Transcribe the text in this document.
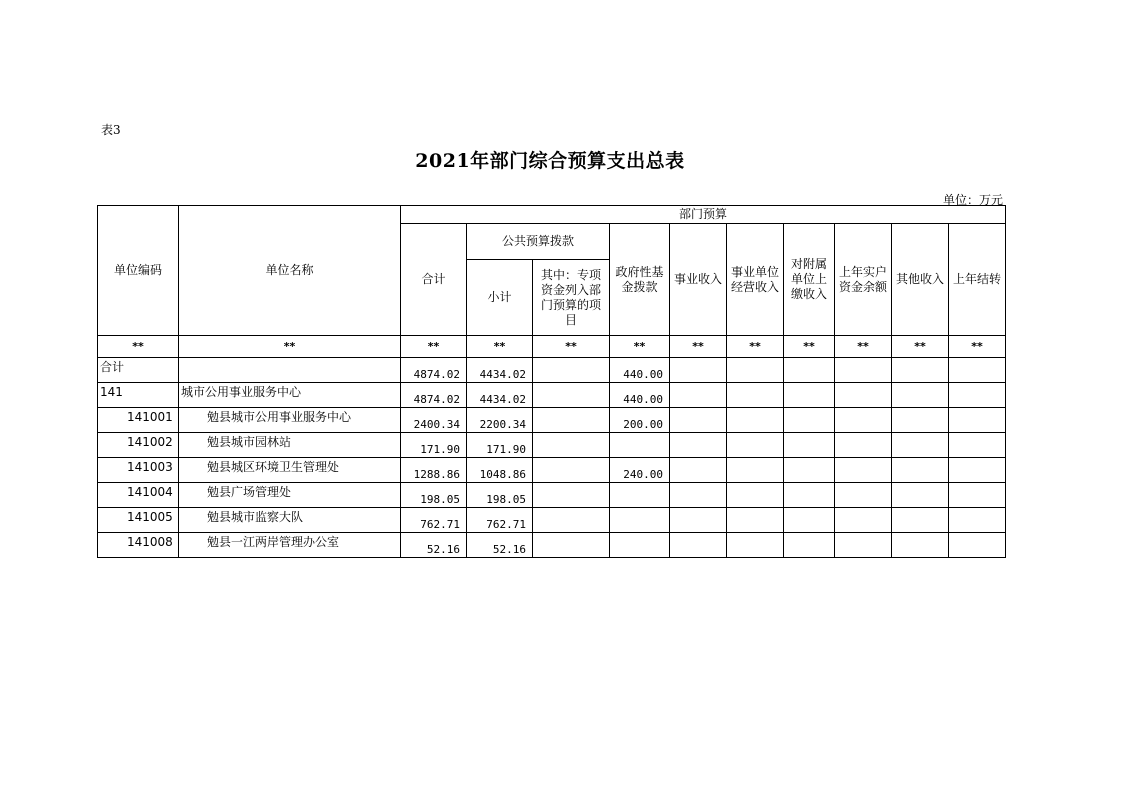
表3
2021年部门综合预算支出总表
单位：万元
单位编码	单位名称	部门预算									
		合计	公共预算拨款		政府性基金拨款	事业收入	事业单位经营收入	对附属单位上缴收入	上年实户资金余额	其他收入	上年结转
			小计	其中：专项资金列入部门预算的项目							
**	**	**	**	**	**	**	**	**	**	**	**
合计		4874.02	4434.02		440.00						
141	城市公用事业服务中心	4874.02	4434.02		440.00						
141001	勉县城市公用事业服务中心	2400.34	2200.34		200.00						
141002	勉县城市园林站	171.90	171.90								
141003	勉县城区环境卫生管理处	1288.86	1048.86		240.00						
141004	勉县广场管理处	198.05	198.05								
141005	勉县城市监察大队	762.71	762.71								
141008	勉县一江两岸管理办公室	52.16	52.16								
